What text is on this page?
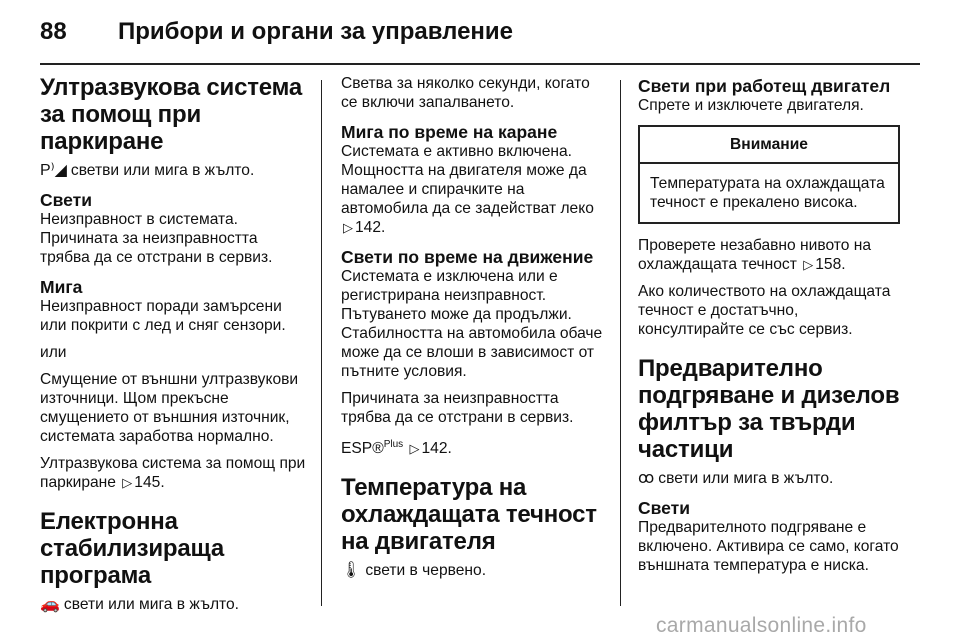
88 Прибори и органи за управление
Ултразвукова система за помощ при паркиране

P⁾◢ светви или мига в жълто.

Свети

Неизправност в системата. Причината за неизправността трябва да се отстрани в сервиз.

Мига

Неизправност поради замърсени или покрити с лед и сняг сензори.

или

Смущение от външни ултразвукови източници. Щом прекъсне смущението от външния източник, системата заработва нормално.

Ултразвукова система за помощ при паркиране ▷ 145.

Електронна стабилизираща програма

🚗 свети или мига в жълто.

Светва за няколко секунди, когато се включи запалването.

Мига по време на каране

Системата е активно включена. Мощността на двигателя може да намалее и спирачките на автомобила да се задействат леко ▷ 142.

Свети по време на движение

Системата е изключена или е регистрирана неизправност. Пътуването може да продължи. Стабилността на автомобила обаче може да се влоши в зависимост от пътните условия.

Причината за неизправността трябва да се отстрани в сервиз.

ESP®$^{Plus}$ ▷ 142.

Температура на охлаждащата течност на двигателя

🌡 свети в червено.

Свети при работещ двигател

Спрете и изключете двигателя.

Внимание
Температурата на охлаждащата течност е прекалено висока.

Проверете незабавно нивото на охлаждащата течност ▷ 158.

Ако количеството на охлаждащата течност е достатъчно, консултирайте се със сервиз.

Предварително подгряване и дизелов филтър за твърди частици

ꝏ свети или мига в жълто.

Свети

Предварителното подгряване е включено. Активира се само, когато външната температура е ниска.

carmanualsonline.info
